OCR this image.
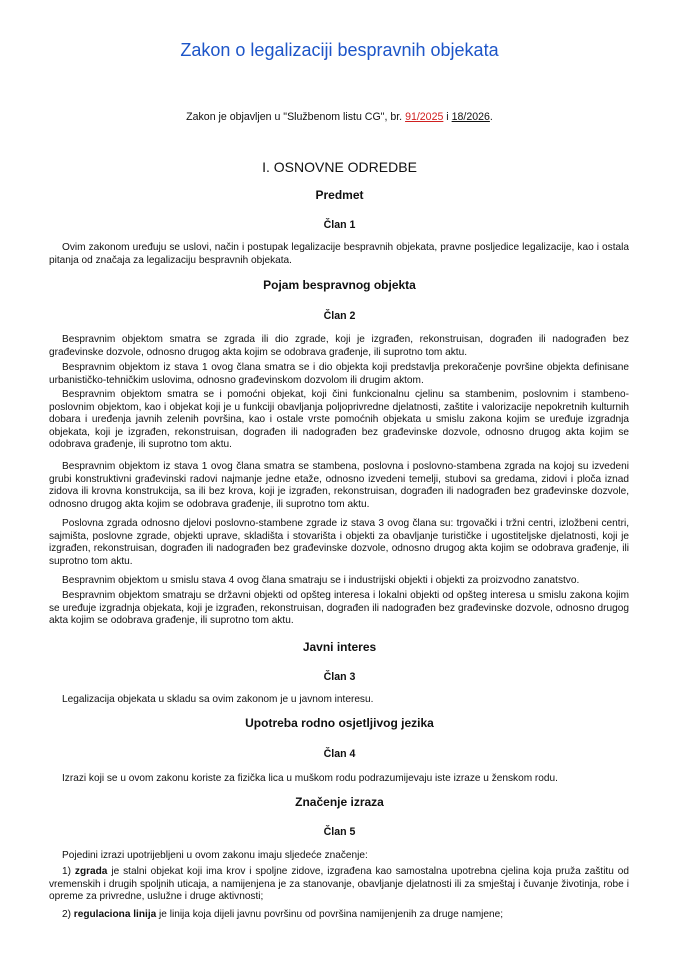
Zakon o legalizaciji bespravnih objekata
Zakon je objavljen u "Službenom listu CG", br. 91/2025 i 18/2026.
I. OSNOVNE ODREDBE
Predmet
Član 1

Ovim zakonom uređuju se uslovi, način i postupak legalizacije bespravnih objekata, pravne posljedice legalizacije, kao i ostala pitanja od značaja za legalizaciju bespravnih objekata.

Pojam bespravnog objekta
Član 2

Bespravnim objektom smatra se zgrada ili dio zgrade, koji je izgrađen, rekonstruisan, dograđen ili nadograđen bez građevinske dozvole, odnosno drugog akta kojim se odobrava građenje, ili suprotno tom aktu.

Bespravnim objektom iz stava 1 ovog člana smatra se i dio objekta koji predstavlja prekoračenje površine objekta definisane urbanističko-tehničkim uslovima, odnosno građevinskom dozvolom ili drugim aktom.

Bespravnim objektom smatra se i pomoćni objekat, koji čini funkcionalnu cjelinu sa stambenim, poslovnim i stambeno-poslovnim objektom, kao i objekat koji je u funkciji obavljanja poljoprivredne djelatnosti, zaštite i valorizacije nepokretnih kulturnih dobara i uređenja javnih zelenih površina, kao i ostale vrste pomoćnih objekata u smislu zakona kojim se uređuje izgradnja objekata, koji je izgrađen, rekonstruisan, dograđen ili nadograđen bez građevinske dozvole, odnosno drugog akta kojim se odobrava građenje, ili suprotno tom aktu.

Bespravnim objektom iz stava 1 ovog člana smatra se stambena, poslovna i poslovno-stambena zgrada na kojoj su izvedeni grubi konstruktivni građevinski radovi najmanje jedne etaže, odnosno izvedeni temelji, stubovi sa gredama, zidovi i ploča iznad zidova ili krovna konstrukcija, sa ili bez krova, koji je izgrađen, rekonstruisan, dograđen ili nadograđen bez građevinske dozvole, odnosno drugog akta kojim se odobrava građenje, ili suprotno tom aktu.

Poslovna zgrada odnosno djelovi poslovno-stambene zgrade iz stava 3 ovog člana su: trgovački i tržni centri, izložbeni centri, sajmišta, poslovne zgrade, objekti uprave, skladišta i stovarišta i objekti za obavljanje turističke i ugostiteljske djelatnosti, koji je izgrađen, rekonstruisan, dograđen ili nadograđen bez građevinske dozvole, odnosno drugog akta kojim se odobrava građenje, ili suprotno tom aktu.

Bespravnim objektom u smislu stava 4 ovog člana smatraju se i industrijski objekti i objekti za proizvodno zanatstvo.

Bespravnim objektom smatraju se državni objekti od opšteg interesa i lokalni objekti od opšteg interesa u smislu zakona kojim se uređuje izgradnja objekata, koji je izgrađen, rekonstruisan, dograđen ili nadograđen bez građevinske dozvole, odnosno drugog akta kojim se odobrava građenje, ili suprotno tom aktu.

Javni interes
Član 3

Legalizacija objekata u skladu sa ovim zakonom je u javnom interesu.

Upotreba rodno osjetljivog jezika
Član 4

Izrazi koji se u ovom zakonu koriste za fizička lica u muškom rodu podrazumijevaju iste izraze u ženskom rodu.

Značenje izraza
Član 5

Pojedini izrazi upotrijebljeni u ovom zakonu imaju sljedeće značenje:

1) zgrada je stalni objekat koji ima krov i spoljne zidove, izgrađena kao samostalna upotrebna cjelina koja pruža zaštitu od vremenskih i drugih spoljnih uticaja, a namijenjena je za stanovanje, obavljanje djelatnosti ili za smještaj i čuvanje životinja, robe i opreme za privredne, uslužne i druge aktivnosti;

2) regulaciona linija je linija koja dijeli javnu površinu od površina namijenjenih za druge namjene;
